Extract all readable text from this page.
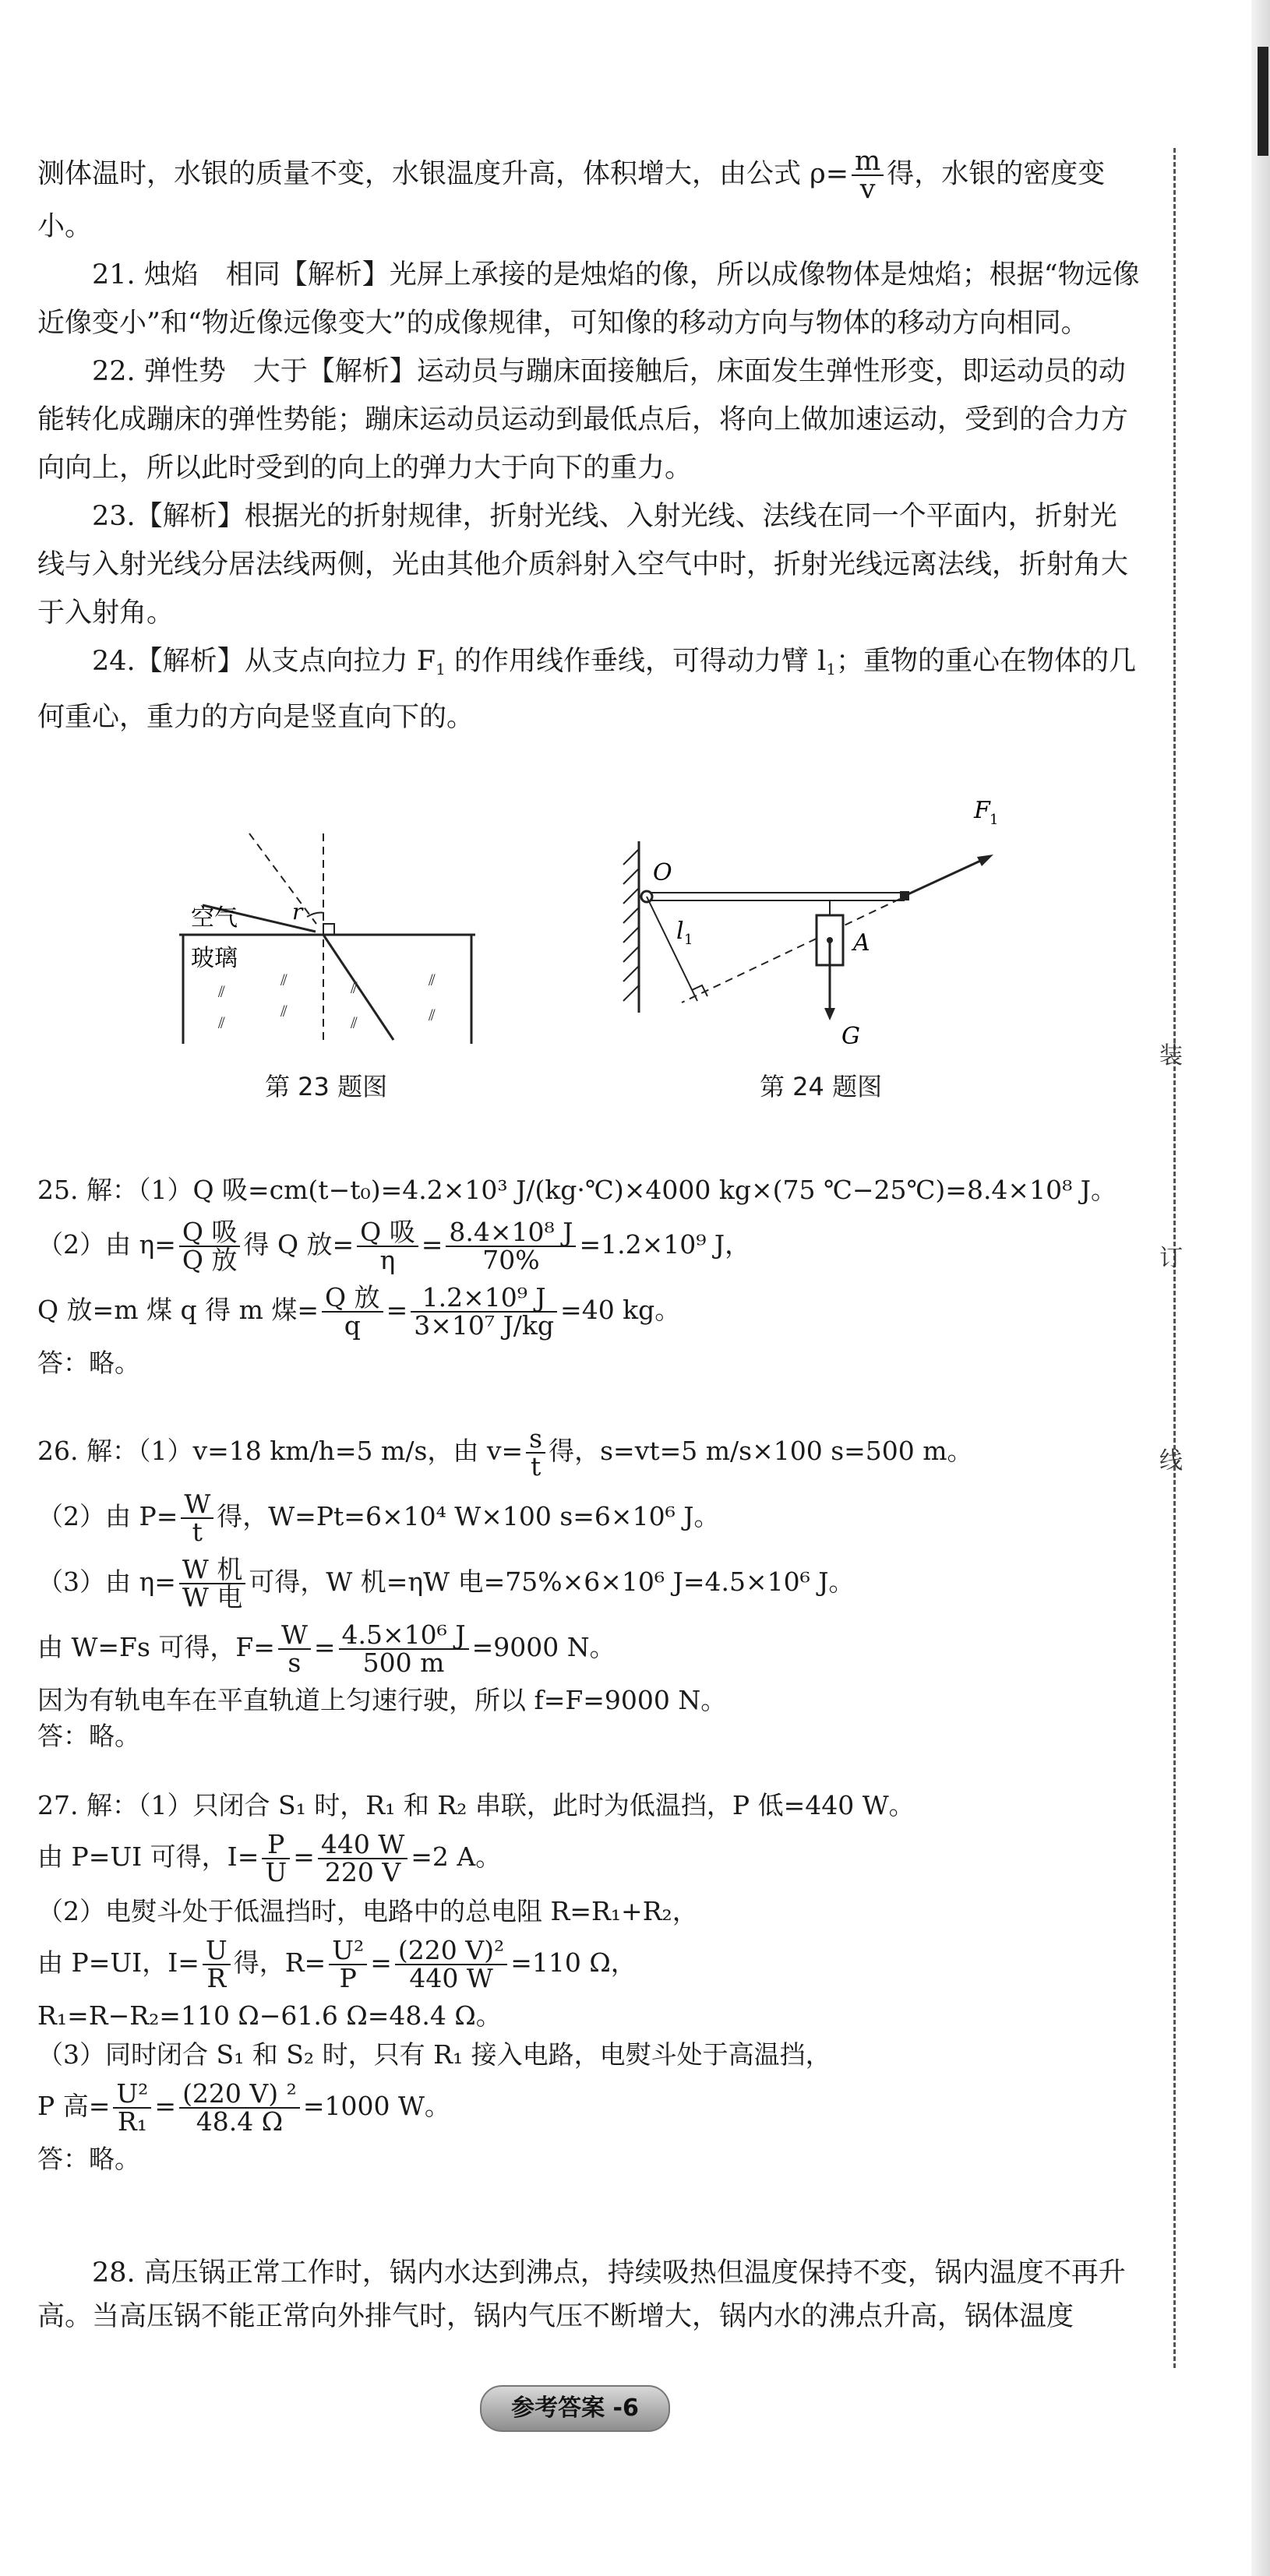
装
订
线

测体温时，水银的质量不变，水银温度升高，体积增大，由公式 $\rho= \frac{m}{v}$ 得，水银的密度变

小。

21. 烛焰　相同【解析】光屏上承接的是烛焰的像，所以成像物体是烛焰；根据“物远像近像变小”和“物近像远像变大”的成像规律，可知像的移动方向与物体的移动方向相同。

22. 弹性势　大于【解析】运动员与蹦床面接触后，床面发生弹性形变，即运动员的动能转化成蹦床的弹性势能；蹦床运动员运动到最低点后，将向上做加速运动，受到的合力方向向上，所以此时受到的向上的弹力大于向下的重力。

23.【解析】根据光的折射规律，折射光线、入射光线、法线在同一个平面内，折射光线与入射光线分居法线两侧，光由其他介质斜射入空气中时，折射光线远离法线，折射角大于入射角。

24.【解析】从支点向拉力 $F_1$ 的作用线作垂线，可得动力臂 $l_1$；重物的重心在物体的几何重心，重力的方向是竖直向下的。

r
空气
玻璃
⫽
⫽	⫽	⫽
⫽
⫽
⫽	⫽
第 23 题图
O
F 1
l 1	A
G
第 24 题图
25. 解：（1）Q 吸=cm(t−t₀)=4.2×10³ J/(kg·℃)×4000 kg×(75 ℃−25℃)=8.4×10⁸ J。
（2）由 $\eta= \frac{\text{Q 吸}}{\text{Q 放}}$ 得 Q 放= $\frac{\text{Q 吸}}{\eta} = \frac{\text{8.4×10⁸ J}}{70\%} =1.2\times 10^9$ J，
Q 放=m 煤 q 得 m 煤= $\frac{\text{Q 放}}{q} = \frac{\text{1.2×10⁹ J}}{\text{3×10⁷ J/kg}} =40$ kg。
答：略。
26. 解：（1）v=18 km/h=5 m/s，由 $v= \frac{s}{t}$ 得，s=vt=5 m/s×100 s=500 m。
（2）由 $P= \frac{W}{t}$ 得，W=Pt=6×10⁴ W×100 s=6×10⁶ J。
（3）由 $\eta= \frac{\text{W 机}}{\text{W 电}}$ 可得，W 机=ηW 电=75%×6×10⁶ J=4.5×10⁶ J。
由 W=Fs 可得，$F= \frac{W}{s} = \frac{\text{4.5×10⁶ J}}{500 m} =9000$ N。
因为有轨电车在平直轨道上匀速行驶，所以 f=F=9000 N。
答：略。
27. 解：（1）只闭合 S₁ 时，R₁ 和 R₂ 串联，此时为低温挡，P 低=440 W。
由 P=UI 可得，$I= \frac{P}{U} = \frac{440 W}{220 V} =2$ A。
（2）电熨斗处于低温挡时，电路中的总电阻 R=R₁+R₂，
由 P=UI，$I= \frac{U}{R}$ 得，$R= \frac{\text{U²}}{P} = \frac{\text{(220 V)²}}{440 W} =110$ Ω，
R₁=R−R₂=110 Ω−61.6 Ω=48.4 Ω。
（3）同时闭合 S₁ 和 S₂ 时，只有 R₁ 接入电路，电熨斗处于高温挡，
P 高= $\frac{\text{U²}}{\text{R₁}} = \frac{\text{(220 V) ²}}{48.4 \Omega} =1000$ W。
答：略。

28. 高压锅正常工作时，锅内水达到沸点，持续吸热但温度保持不变，锅内温度不再升高。当高压锅不能正常向外排气时，锅内气压不断增大，锅内水的沸点升高，锅体温度

参考答案 -6
